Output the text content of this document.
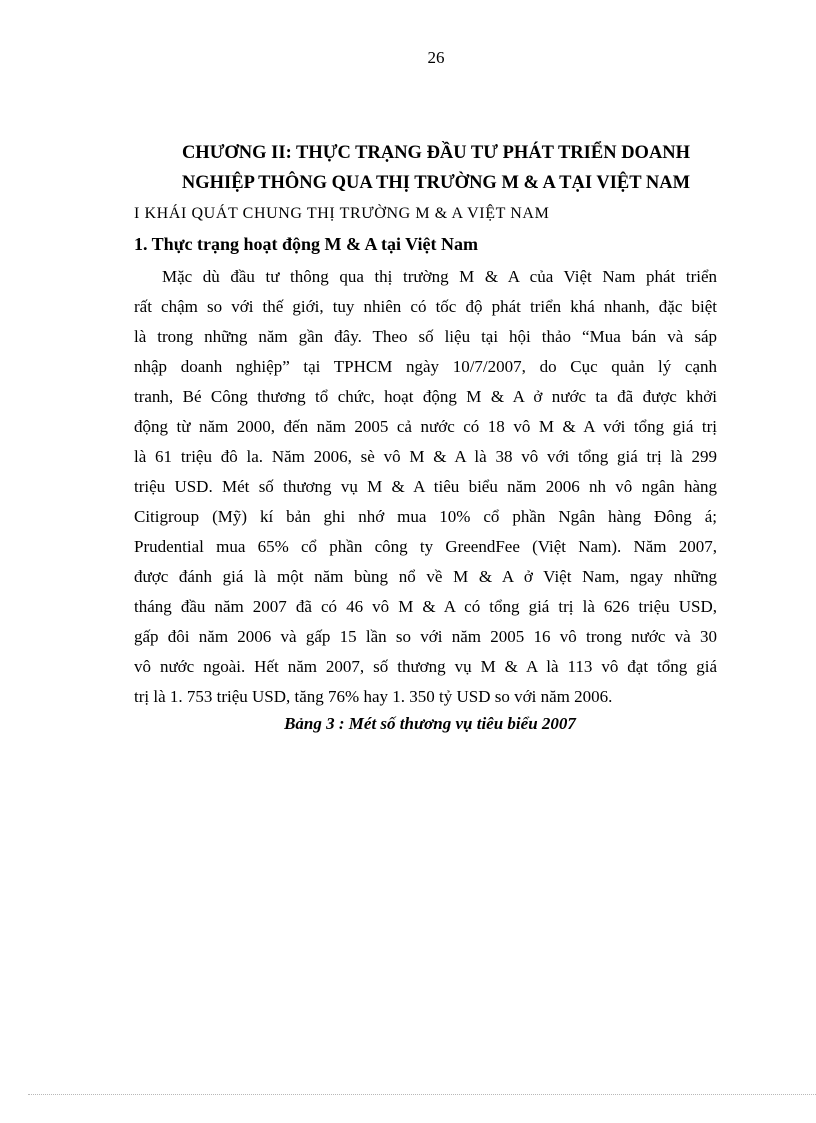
26
CHƯƠNG II: THỰC TRẠNG ĐẦU TƯ PHÁT TRIỂN DOANH
NGHIỆP THÔNG QUA THỊ TRƯỜNG M & A TẠI VIỆT NAM
I KHÁI QUÁT CHUNG THỊ TRƯỜNG M & A VIỆT NAM
1. Thực trạng hoạt động M & A tại Việt Nam
Mặc dù đầu tư thông qua thị trường M & A của Việt Nam phát triển
rất chậm so với thế giới, tuy nhiên có tốc độ phát triển khá nhanh, đặc biệt
là trong những năm gần đây. Theo số liệu tại hội thảo “Mua bán và sáp
nhập doanh nghiệp” tại TPHCM ngày 10/7/2007, do Cục quản lý cạnh
tranh, Bé Công thương tổ chức, hoạt động M & A ở nước ta đã được khởi
động từ năm 2000, đến năm 2005 cả nước có 18 vô M & A với tổng giá trị
là 61 triệu đô la. Năm 2006, sè vô M & A là 38 vô với tổng giá trị là 299
triệu USD. Mét số thương vụ M & A tiêu biểu năm 2006 nh vô ngân hàng
Citigroup (Mỹ) kí bản ghi nhớ mua 10% cổ phần Ngân hàng Đông á;
Prudential mua 65% cổ phần công ty GreendFee (Việt Nam). Năm 2007,
được đánh giá là một năm bùng nổ về M & A ở Việt Nam, ngay những
tháng đầu năm 2007 đã có 46 vô M & A có tổng giá trị là 626 triệu USD,
gấp đôi năm 2006 và gấp 15 lần so với năm 2005 16 vô trong nước và 30
vô nước ngoài. Hết năm 2007, số thương vụ M & A là 113 vô đạt tổng giá
trị là 1. 753 triệu USD, tăng 76% hay 1. 350 tỷ USD so với năm 2006.
Bảng 3 : Mét số thương vụ tiêu biểu 2007
